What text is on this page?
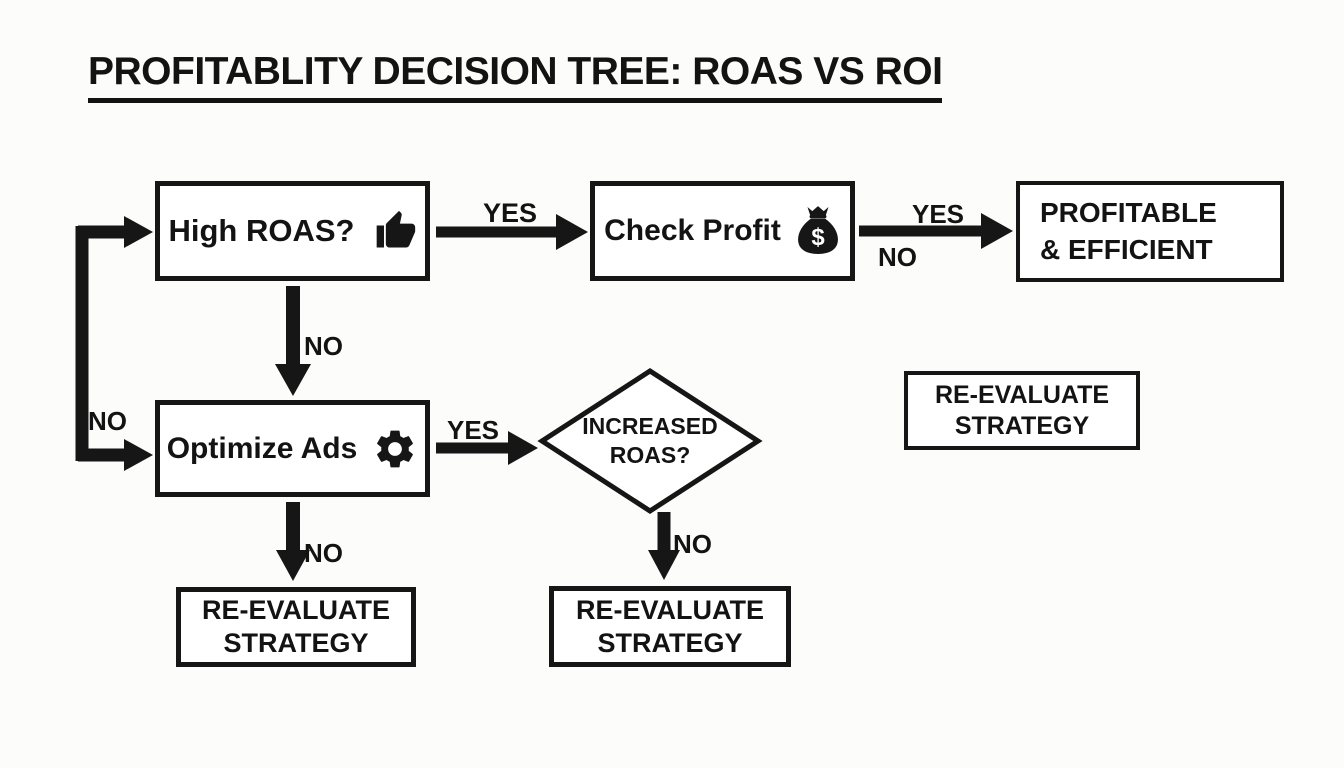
PROFITABLITY DECISION TREE: ROAS VS ROI
High ROAS?	Check Profit $
PROFITABLE
& EFFICIENT
Optimize Ads
INCREASED
ROAS?
RE-EVALUATE
STRATEGY
RE-EVALUATE
STRATEGY
RE-EVALUATE
STRATEGY
YES	YES
NO
NO
NO	YES
NO	NO
